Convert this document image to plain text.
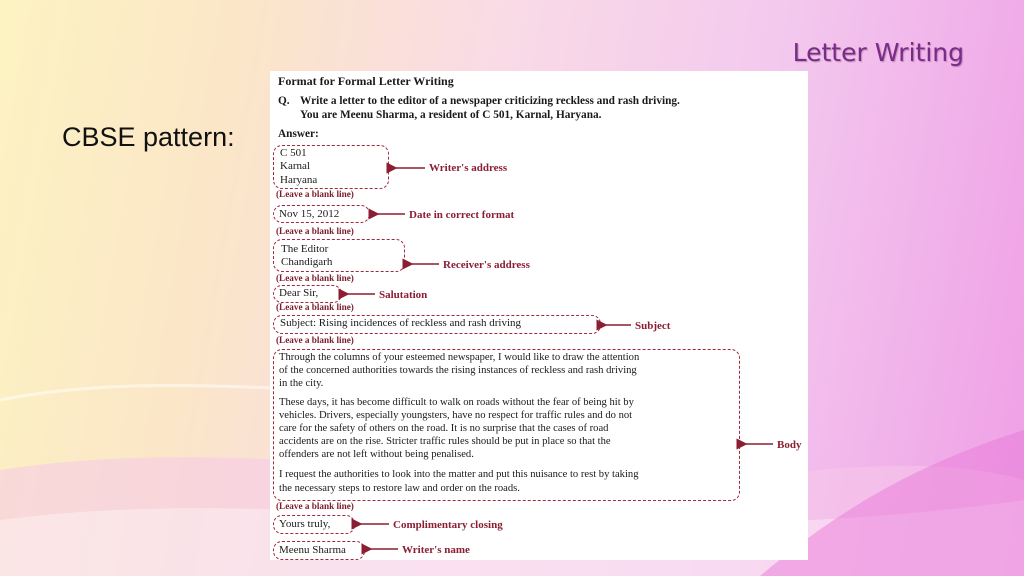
Letter Writing
CBSE pattern:
Format for Formal Letter Writing
Q. Write a letter to the editor of a newspaper criticizing reckless and rash driving.
You are Meenu Sharma, a resident of C 501, Karnal, Haryana.
Answer:
C 501
Karnal
Haryana
Writer's address
(Leave a blank line)
Nov 15, 2012	Date in correct format
(Leave a blank line)
The Editor
Chandigarh	Receiver's address
(Leave a blank line)
Dear Sir,	Salutation
(Leave a blank line)
Subject: Rising incidences of reckless and rash driving	Subject
(Leave a blank line)
Through the columns of your esteemed newspaper, I would like to draw the attention
of the concerned authorities towards the rising instances of reckless and rash driving
in the city.
These days, it has become difficult to walk on roads without the fear of being hit by
vehicles. Drivers, especially youngsters, have no respect for traffic rules and do not
care for the safety of others on the road. It is no surprise that the cases of road
accidents are on the rise. Stricter traffic rules should be put in place so that the
offenders are not left without being penalised.
I request the authorities to look into the matter and put this nuisance to rest by taking
the necessary steps to restore law and order on the roads.
Body
(Leave a blank line)
Yours truly,	Complimentary closing
Meenu Sharma	Writer's name
